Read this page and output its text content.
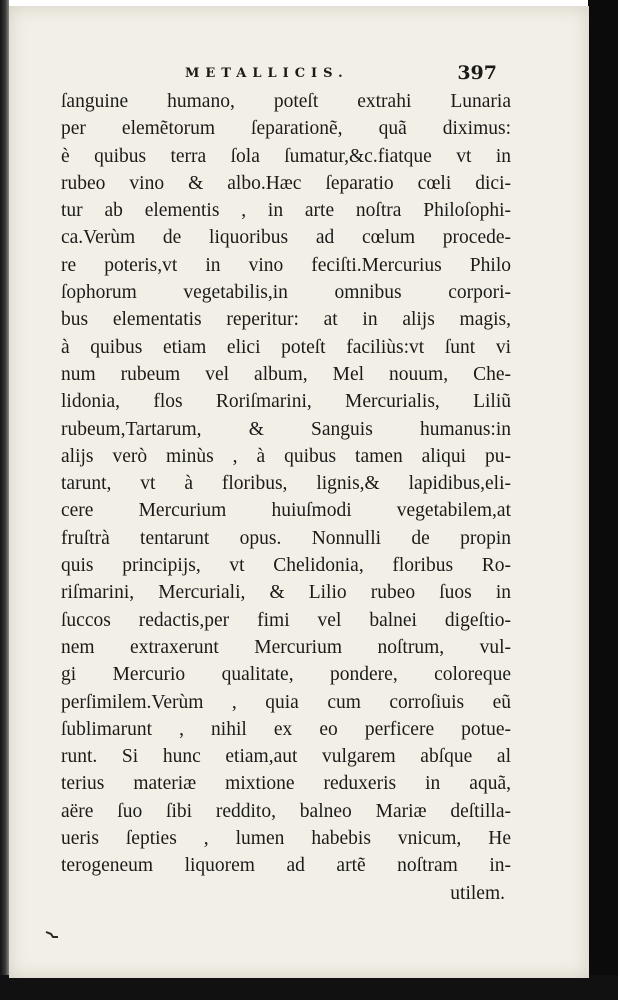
METALLICIS.	397
ſanguine humano, poteſt extrahi Lunaria
per elemẽtorum ſeparationẽ, quã diximus:
è quibus terra ſola ſumatur,&c.fiatque vt in
rubeo vino & albo.Hæc ſeparatio cœli dici-
tur ab elementis , in arte noſtra Philoſophi-
ca.Verùm de liquoribus ad cœlum procede-
re poteris,vt in vino feciſti.Mercurius Philo
ſophorum vegetabilis,in omnibus corpori-
bus elementatis reperitur: at in alijs magis,
à quibus etiam elici poteſt faciliùs:vt ſunt vi
num rubeum vel album, Mel nouum, Che-
lidonia, flos Roriſmarini, Mercurialis, Liliũ
rubeum,Tartarum, & Sanguis humanus:in
alijs verò minùs , à quibus tamen aliqui pu-
tarunt, vt à floribus, lignis,& lapidibus,eli-
cere Mercurium huiuſmodi vegetabilem,at
fruſtrà tentarunt opus. Nonnulli de propin
quis principijs, vt Chelidonia, floribus Ro-
riſmarini, Mercuriali, & Lilio rubeo ſuos in
ſuccos redactis,per fimi vel balnei digeſtio-
nem extraxerunt Mercurium noſtrum, vul-
gi Mercurio qualitate, pondere, coloreque
perſimilem.Verùm , quia cum corroſiuis eũ
ſublimarunt , nihil ex eo perficere potue-
runt. Si hunc etiam,aut vulgarem abſque al
terius materiæ mixtione reduxeris in aquã,
aëre ſuo ſibi reddito, balneo Mariæ deſtilla-
ueris ſepties , lumen habebis vnicum, He
terogeneum liquorem ad artẽ noſtram in-
utilem.
